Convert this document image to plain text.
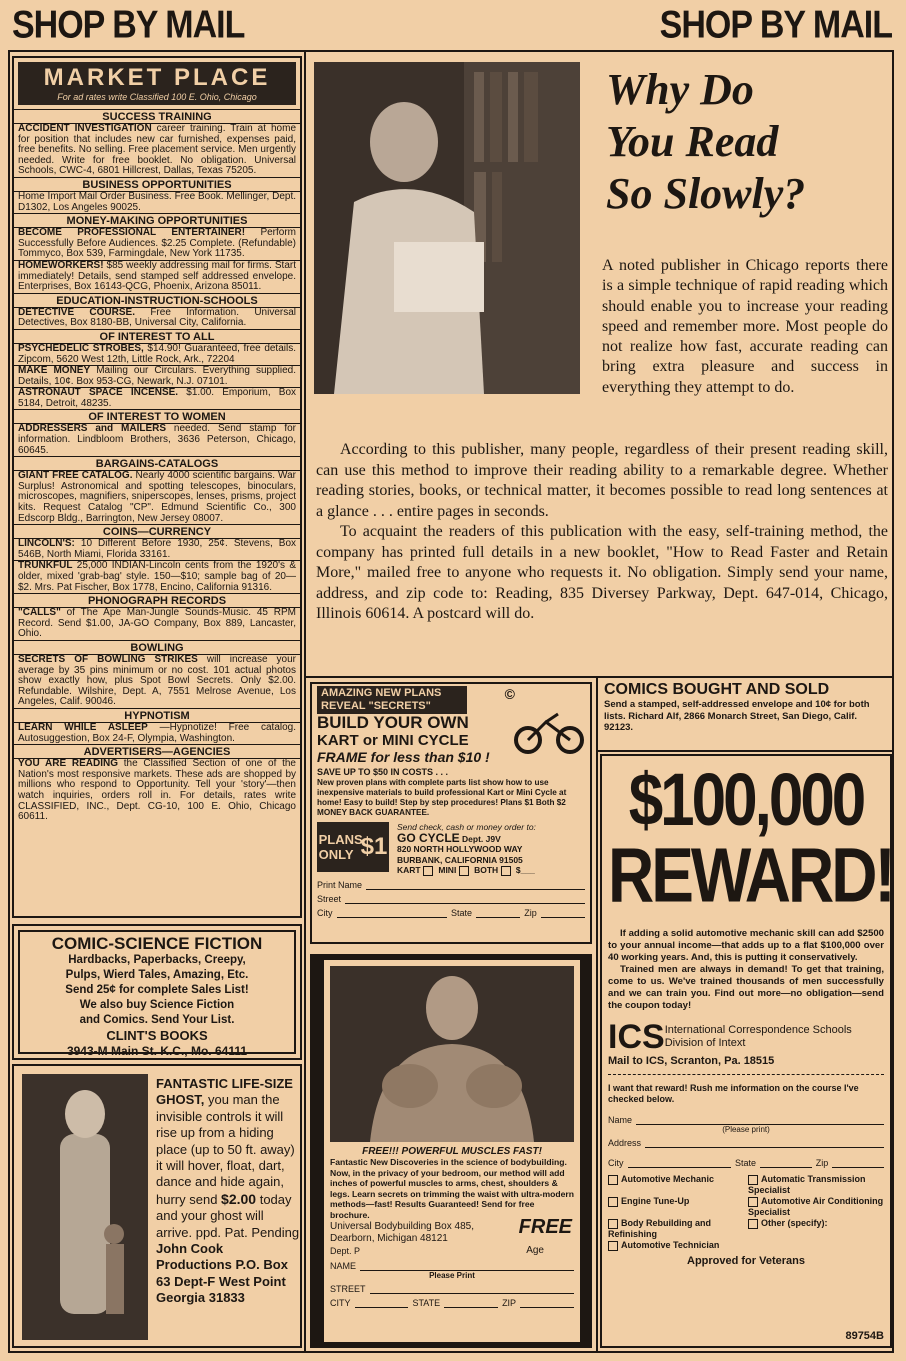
SHOP BY MAIL	SHOP BY MAIL
MARKET PLACE
For ad rates write Classified 100 E. Ohio, Chicago
SUCCESS TRAINING
ACCIDENT INVESTIGATION career training. Train at home for position that includes new car furnished, expenses paid, free benefits. No selling. Free placement service. Men urgently needed. Write for free booklet. No obligation. Universal Schools, CWC-4, 6801 Hillcrest, Dallas, Texas 75205.
BUSINESS OPPORTUNITIES
Home Import Mail Order Business. Free Book. Mellinger, Dept. D1302, Los Angeles 90025.
MONEY-MAKING OPPORTUNITIES
BECOME PROFESSIONAL ENTERTAINER! Perform Successfully Before Audiences. $2.25 Complete. (Refundable) Tommyco, Box 539, Farmingdale, New York 11735.
HOMEWORKERS! $85 weekly addressing mail for firms. Start immediately! Details, send stamped self addressed envelope. Enterprises, Box 16143-QCG, Phoenix, Arizona 85011.
EDUCATION-INSTRUCTION-SCHOOLS
DETECTIVE COURSE. Free Information. Universal Detectives, Box 8180-BB, Universal City, California.
OF INTEREST TO ALL
PSYCHEDELIC STROBES, $14.90! Guaranteed, free details. Zipcom, 5620 West 12th, Little Rock, Ark., 72204
MAKE MONEY Mailing our Circulars. Everything supplied. Details, 10¢. Box 953-CG, Newark, N.J. 07101.
ASTRONAUT SPACE INCENSE. $1.00. Emporium, Box 5184, Detroit, 48235.
OF INTEREST TO WOMEN
ADDRESSERS and MAILERS needed. Send stamp for information. Lindbloom Brothers, 3636 Peterson, Chicago, 60645.
BARGAINS-CATALOGS
GIANT FREE CATALOG. Nearly 4000 scientific bargains. War Surplus! Astronomical and spotting telescopes, binoculars, microscopes, magnifiers, sniperscopes, lenses, prisms, project kits. Request Catalog "CP". Edmund Scientific Co., 300 Edscorp Bldg., Barrington, New Jersey 08007.
COINS—CURRENCY
LINCOLN'S: 10 Different Before 1930, 25¢. Stevens, Box 546B, North Miami, Florida 33161.
TRUNKFUL 25,000 INDIAN-Lincoln cents from the 1920's & older, mixed 'grab-bag' style. 150—$10; sample bag of 20—$2. Mrs. Pat Fischer, Box 1778, Encino, California 91316.
PHONOGRAPH RECORDS
"CALLS" of The Ape Man-Jungle Sounds-Music. 45 RPM Record. Send $1.00, JA-GO Company, Box 889, Lancaster, Ohio.
BOWLING
SECRETS OF BOWLING STRIKES will increase your average by 35 pins minimum or no cost. 101 actual photos show exactly how, plus Spot Bowl Secrets. Only $2.00. Refundable. Wilshire, Dept. A, 7551 Melrose Avenue, Los Angeles, Calif. 90046.
HYPNOTISM
LEARN WHILE ASLEEP —Hypnotize! Free catalog. Autosuggestion, Box 24-F, Olympia, Washington.
ADVERTISERS—AGENCIES
YOU ARE READING the Classified Section of one of the Nation's most responsive markets. These ads are shopped by millions who respond to Opportunity. Tell your 'story'—then watch inquiries, orders roll in. For details, rates write CLASSIFIED, INC., Dept. CG-10, 100 E. Ohio, Chicago 60611.
COMIC-SCIENCE FICTION
Hardbacks, Paperbacks, Creepy,
Pulps, Wierd Tales, Amazing, Etc.
Send 25¢ for complete Sales List!
We also buy Science Fiction
and Comics. Send Your List.
CLINT'S BOOKS
3943-M Main St. K.C., Mo. 64111
FANTASTIC LIFE-SIZE GHOST, you man the invisible controls it will rise up from a hiding place (up to 50 ft. away) it will hover, float, dart, dance and hide again, hurry send $2.00 today and your ghost will arrive. ppd. Pat. Pending John Cook Productions P.O. Box 63 Dept-F West Point Georgia 31833
Why Do
You Read
So Slowly?
A noted publisher in Chicago reports there is a simple technique of rapid reading which should enable you to increase your reading speed and remember more. Most people do not realize how fast, accurate reading can bring extra pleasure and success in everything they attempt to do.

According to this publisher, many people, regardless of their present reading skill, can use this method to improve their reading ability to a remarkable degree. Whether reading stories, books, or technical matter, it becomes possible to read long sentences at a glance . . . entire pages in seconds.

To acquaint the readers of this publication with the easy, self-training method, the company has printed full details in a new booklet, "How to Read Faster and Retain More," mailed free to anyone who requests it. No obligation. Simply send your name, address, and zip code to: Reading, 835 Diversey Parkway, Dept. 647-014, Chicago, Illinois 60614. A postcard will do.

AMAZING NEW PLANS
REVEAL "SECRETS"
©
BUILD YOUR OWN
KART or MINI CYCLE
FRAME for less than $10 !
SAVE UP TO $50 IN COSTS . . .
New proven plans with complete parts list show how to use inexpensive materials to build professional Kart or Mini Cycle at home! Easy to build! Step by step procedures! Plans $1 Both $2 MONEY BACK GUARANTEE.
PLANS ONLY $1
Send check, cash or money order to:
GO CYCLE Dept. J9V
820 NORTH HOLLYWOOD WAY
BURBANK, CALIFORNIA 91505
KART MINI BOTH $___
Print Name
Street
City	State	Zip
FREE!!! POWERFUL MUSCLES FAST!
Fantastic New Discoveries in the science of bodybuilding. Now, in the privacy of your bedroom, our method will add inches of powerful muscles to arms, chest, shoulders & legs. Learn secrets on trimming the waist with ultra-modern methods—fast! Results Guaranteed! Send for free brochure.
Universal Bodybuilding Box 485,
Dearborn, Michigan 48121
Dept. P
FREE
Age
NAME
Please Print
STREET
CITY	STATE	ZIP
COMICS BOUGHT AND SOLD
Send a stamped, self-addressed envelope and 10¢ for both lists. Richard Alf, 2866 Monarch Street, San Diego, Calif. 92123.
$100,000
REWARD!
If adding a solid automotive mechanic skill can add $2500 to your annual income—that adds up to a flat $100,000 over 40 working years. And, this is putting it conservatively.
Trained men are always in demand! To get that training, come to us. We've trained thousands of men successfully and we can train you. Find out more—no obligation—send the coupon today!
ICS International Correspondence Schools
Division of Intext
Mail to ICS, Scranton, Pa. 18515
I want that reward! Rush me information on the course I've checked below.
Name
(Please print)
Address
City	State	Zip
Automotive Mechanic	Automatic Transmission Specialist
Engine Tune-Up	Automotive Air Conditioning Specialist
Body Rebuilding and Refinishing
Other (specify):
Automotive Technician
Approved for Veterans
89754B
